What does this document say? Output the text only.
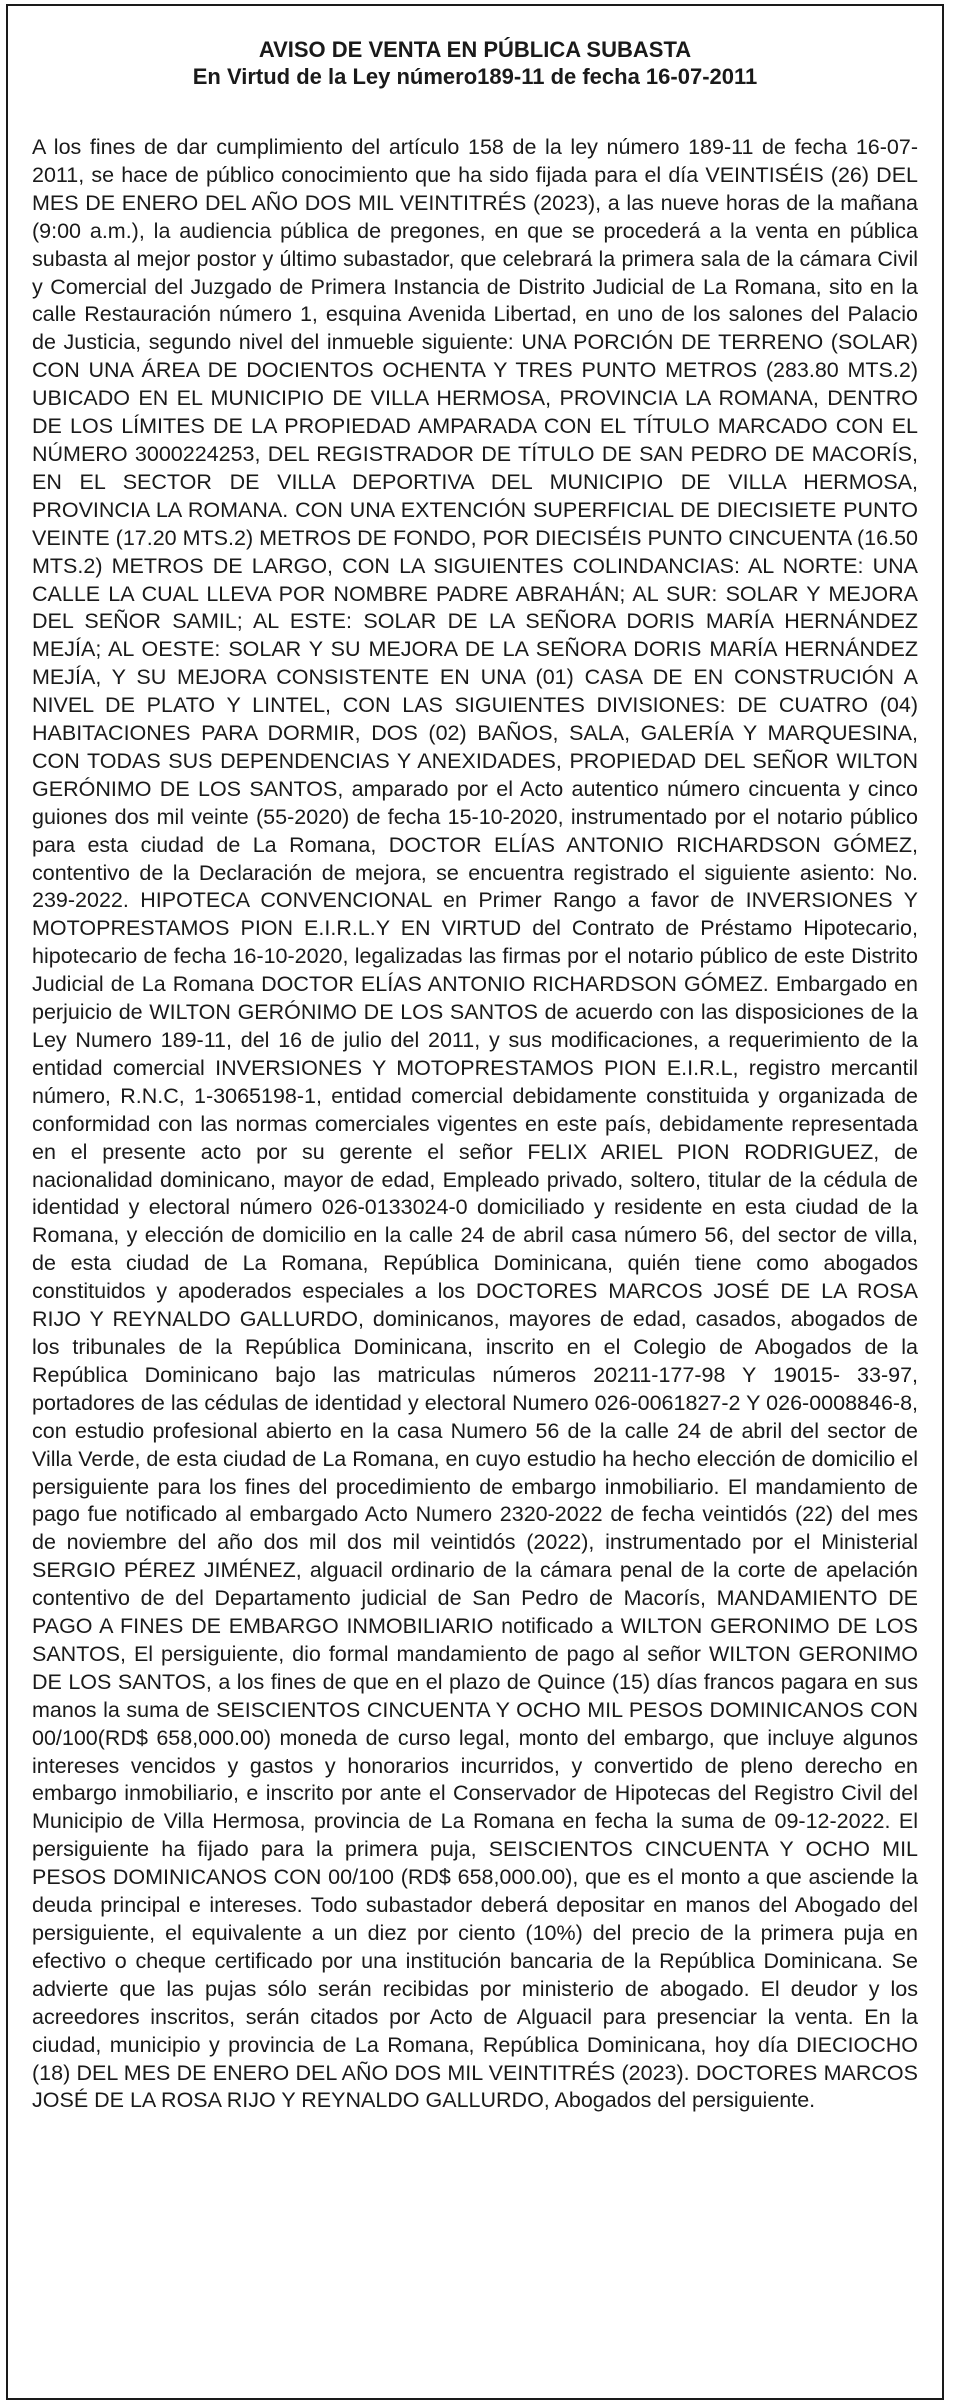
AVISO DE VENTA EN PÚBLICA SUBASTA
En Virtud de la Ley número189-11 de fecha 16-07-2011
A los fines de dar cumplimiento del artículo 158 de la ley número 189-11 de fecha 16-07-2011, se hace de público conocimiento que ha sido fijada para el día VEINTISÉIS (26) DEL MES DE ENERO DEL AÑO DOS MIL VEINTITRÉS (2023), a las nueve horas de la mañana (9:00 a.m.), la audiencia pública de pregones, en que se procederá a la venta en pública subasta al mejor postor y último subastador, que celebrará la primera sala de la cámara Civil y Comercial del Juzgado de Primera Instancia de Distrito Judicial de La Romana, sito en la calle Restauración número 1, esquina Avenida Libertad, en uno de los salones del Palacio de Justicia, segundo nivel del inmueble siguiente: UNA PORCIÓN DE TERRENO (SOLAR) CON UNA ÁREA DE DOCIENTOS OCHENTA Y TRES PUNTO METROS (283.80 MTS.2) UBICADO EN EL MUNICIPIO DE VILLA HERMOSA, PROVINCIA LA ROMANA, DENTRO DE LOS LÍMITES DE LA PROPIEDAD AMPARADA CON EL TÍTULO MARCADO CON EL NÚMERO 3000224253, DEL REGISTRADOR DE TÍTULO DE SAN PEDRO DE MACORÍS, EN EL SECTOR DE VILLA DEPORTIVA DEL MUNICIPIO DE VILLA HERMOSA, PROVINCIA LA ROMANA. CON UNA EXTENCIÓN SUPERFICIAL DE DIECISIETE PUNTO VEINTE (17.20 MTS.2) METROS DE FONDO, POR DIECISÉIS PUNTO CINCUENTA (16.50 MTS.2) METROS DE LARGO, CON LA SIGUIENTES COLINDANCIAS: AL NORTE: UNA CALLE LA CUAL LLEVA POR NOMBRE PADRE ABRAHÁN; AL SUR: SOLAR Y MEJORA DEL SEÑOR SAMIL; AL ESTE: SOLAR DE LA SEÑORA DORIS MARÍA HERNÁNDEZ MEJÍA; AL OESTE: SOLAR Y SU MEJORA DE LA SEÑORA DORIS MARÍA HERNÁNDEZ MEJÍA, Y SU MEJORA CONSISTENTE EN UNA (01) CASA DE EN CONSTRUCIÓN A NIVEL DE PLATO Y LINTEL, CON LAS SIGUIENTES DIVISIONES: DE CUATRO (04) HABITACIONES PARA DORMIR, DOS (02) BAÑOS, SALA, GALERÍA Y MARQUESINA, CON TODAS SUS DEPENDENCIAS Y ANEXIDADES, PROPIEDAD DEL SEÑOR WILTON GERÓNIMO DE LOS SANTOS, amparado por el Acto autentico número cincuenta y cinco guiones dos mil veinte (55-2020) de fecha 15-10-2020, instrumentado por el notario público para esta ciudad de La Romana, DOCTOR ELÍAS ANTONIO RICHARDSON GÓMEZ, contentivo de la Declaración de mejora, se encuentra registrado el siguiente asiento: No. 239-2022. HIPOTECA CONVENCIONAL en Primer Rango a favor de INVERSIONES Y MOTOPRESTAMOS PION E.I.R.L.Y EN VIRTUD del Contrato de Préstamo Hipotecario, hipotecario de fecha 16-10-2020, legalizadas las firmas por el notario público de este Distrito Judicial de La Romana DOCTOR ELÍAS ANTONIO RICHARDSON GÓMEZ. Embargado en perjuicio de WILTON GERÓNIMO DE LOS SANTOS de acuerdo con las disposiciones de la Ley Numero 189-11, del 16 de julio del 2011, y sus modificaciones, a requerimiento de la entidad comercial INVERSIONES Y MOTOPRESTAMOS PION E.I.R.L, registro mercantil número, R.N.C, 1-3065198-1, entidad comercial debidamente constituida y organizada de conformidad con las normas comerciales vigentes en este país, debidamente representada en el presente acto por su gerente el señor FELIX ARIEL PION RODRIGUEZ, de nacionalidad dominicano, mayor de edad, Empleado privado, soltero, titular de la cédula de identidad y electoral número 026-0133024-0 domiciliado y residente en esta ciudad de la Romana, y elección de domicilio en la calle 24 de abril casa número 56, del sector de villa, de esta ciudad de La Romana, República Dominicana, quién tiene como abogados constituidos y apoderados especiales a los DOCTORES MARCOS JOSÉ DE LA ROSA RIJO Y REYNALDO GALLURDO, dominicanos, mayores de edad, casados, abogados de los tribunales de la República Dominicana, inscrito en el Colegio de Abogados de la República Dominicano bajo las matriculas números 20211-177-98 Y 19015- 33-97, portadores de las cédulas de identidad y electoral Numero 026-0061827-2 Y 026-0008846-8, con estudio profesional abierto en la casa Numero 56 de la calle 24 de abril del sector de Villa Verde, de esta ciudad de La Romana, en cuyo estudio ha hecho elección de domicilio el persiguiente para los fines del procedimiento de embargo inmobiliario. El mandamiento de pago fue notificado al embargado Acto Numero 2320-2022 de fecha veintidós (22) del mes de noviembre del año dos mil dos mil veintidós (2022), instrumentado por el Ministerial SERGIO PÉREZ JIMÉNEZ, alguacil ordinario de la cámara penal de la corte de apelación contentivo de del Departamento judicial de San Pedro de Macorís, MANDAMIENTO DE PAGO A FINES DE EMBARGO INMOBILIARIO notificado a WILTON GERONIMO DE LOS SANTOS, El persiguiente, dio formal mandamiento de pago al señor WILTON GERONIMO DE LOS SANTOS, a los fines de que en el plazo de Quince (15) días francos pagara en sus manos la suma de SEISCIENTOS CINCUENTA Y OCHO MIL PESOS DOMINICANOS CON 00/100(RD$ 658,000.00) moneda de curso legal, monto del embargo, que incluye algunos intereses vencidos y gastos y honorarios incurridos, y convertido de pleno derecho en embargo inmobiliario, e inscrito por ante el Conservador de Hipotecas del Registro Civil del Municipio de Villa Hermosa, provincia de La Romana en fecha la suma de 09-12-2022. El persiguiente ha fijado para la primera puja, SEISCIENTOS CINCUENTA Y OCHO MIL PESOS DOMINICANOS CON 00/100 (RD$ 658,000.00), que es el monto a que asciende la deuda principal e intereses. Todo subastador deberá depositar en manos del Abogado del persiguiente, el equivalente a un diez por ciento (10%) del precio de la primera puja en efectivo o cheque certificado por una institución bancaria de la República Dominicana. Se advierte que las pujas sólo serán recibidas por ministerio de abogado. El deudor y los acreedores inscritos, serán citados por Acto de Alguacil para presenciar la venta. En la ciudad, municipio y provincia de La Romana, República Dominicana, hoy día DIECIOCHO (18) DEL MES DE ENERO DEL AÑO DOS MIL VEINTITRÉS (2023). DOCTORES MARCOS JOSÉ DE LA ROSA RIJO Y REYNALDO GALLURDO, Abogados del persiguiente.
